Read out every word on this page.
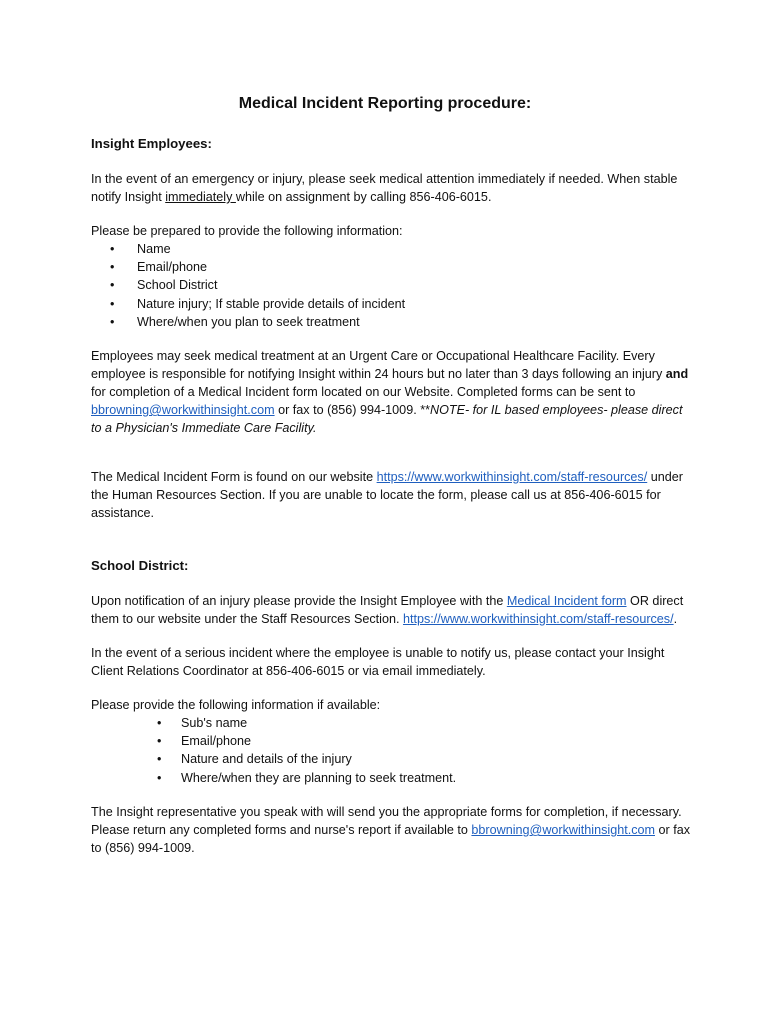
Medical Incident Reporting procedure:
Insight Employees:

In the event of an emergency or injury, please seek medical attention immediately if needed. When stable notify Insight immediately while on assignment by calling 856-406-6015.

Please be prepared to provide the following information:

• Name
• Email/phone
• School District
• Nature injury; If stable provide details of incident
• Where/when you plan to seek treatment

Employees may seek medical treatment at an Urgent Care or Occupational Healthcare Facility. Every employee is responsible for notifying Insight within 24 hours but no later than 3 days following an injury and for completion of a Medical Incident form located on our Website. Completed forms can be sent to bbrowning@workwithinsight.com or fax to (856) 994-1009. **NOTE- for IL based employees- please direct to a Physician's Immediate Care Facility.

The Medical Incident Form is found on our website https://www.workwithinsight.com/staff-resources/ under the Human Resources Section. If you are unable to locate the form, please call us at 856-406-6015 for assistance.

School District:

Upon notification of an injury please provide the Insight Employee with the Medical Incident form OR direct them to our website under the Staff Resources Section. https://www.workwithinsight.com/staff-resources/.

In the event of a serious incident where the employee is unable to notify us, please contact your Insight Client Relations Coordinator at 856-406-6015 or via email immediately.

Please provide the following information if available:

• Sub's name
• Email/phone
• Nature and details of the injury
• Where/when they are planning to seek treatment.

The Insight representative you speak with will send you the appropriate forms for completion, if necessary. Please return any completed forms and nurse's report if available to bbrowning@workwithinsight.com or fax to (856) 994-1009.
